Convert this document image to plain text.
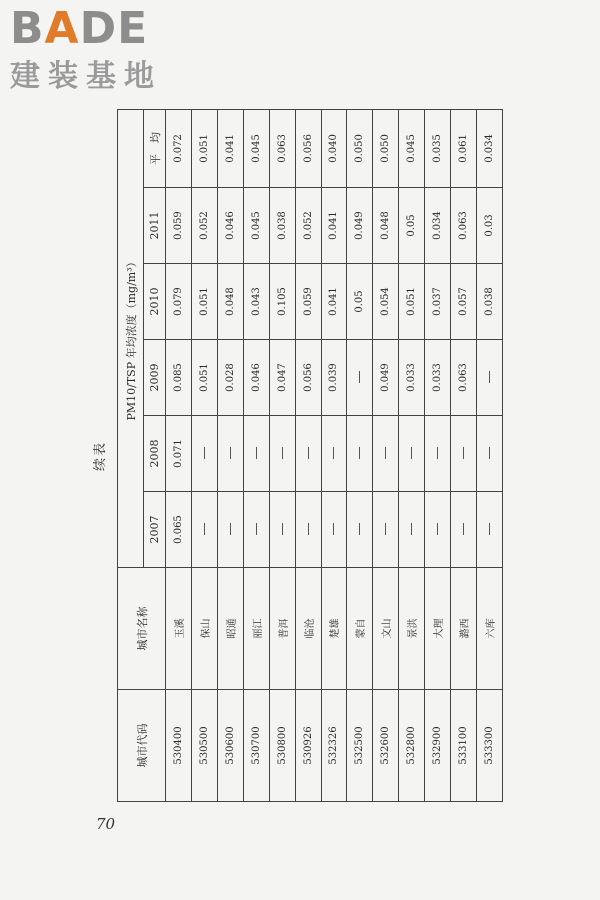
BADE
建装基地
续表
城市代码	城市名称	PM10/TSP 年均浓度（mg/m³）					
		2007	2008	2009	2010	2011	平　均
530400	玉溪	0.065	0.071	0.085	0.079	0.059	0.072
530500	保山			0.051	0.051	0.052	0.051
530600	昭通			0.028	0.048	0.046	0.041
530700	丽江			0.046	0.043	0.045	0.045
530800	普洱			0.047	0.105	0.038	0.063
530926	临沧			0.056	0.059	0.052	0.056
532326	楚雄			0.039	0.041	0.041	0.040
532500	蒙自				0.05	0.049	0.050
532600	文山			0.049	0.054	0.048	0.050
532800	景洪			0.033	0.051	0.05	0.045
532900	大理			0.033	0.037	0.034	0.035
533100	潞西			0.063	0.057	0.063	0.061
533300	六库				0.038	0.03	0.034
70
